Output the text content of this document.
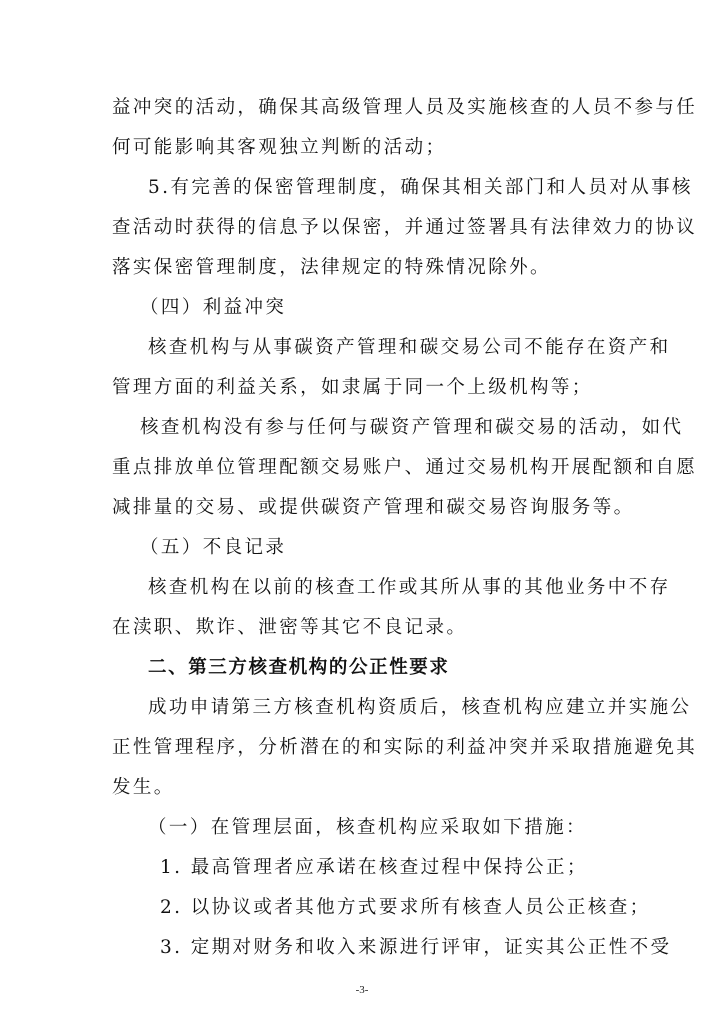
益冲突的活动，确保其高级管理人员及实施核查的人员不参与任
何可能影响其客观独立判断的活动；
5.有完善的保密管理制度，确保其相关部门和人员对从事核
查活动时获得的信息予以保密，并通过签署具有法律效力的协议
落实保密管理制度，法律规定的特殊情况除外。
（四）利益冲突
核查机构与从事碳资产管理和碳交易公司不能存在资产和
管理方面的利益关系，如隶属于同一个上级机构等；
核查机构没有参与任何与碳资产管理和碳交易的活动，如代
重点排放单位管理配额交易账户、通过交易机构开展配额和自愿
减排量的交易、或提供碳资产管理和碳交易咨询服务等。
（五）不良记录
核查机构在以前的核查工作或其所从事的其他业务中不存
在渎职、欺诈、泄密等其它不良记录。
二、第三方核查机构的公正性要求
成功申请第三方核查机构资质后，核查机构应建立并实施公
正性管理程序，分析潜在的和实际的利益冲突并采取措施避免其
发生。
（一）在管理层面，核查机构应采取如下措施：
1. 最高管理者应承诺在核查过程中保持公正；
2. 以协议或者其他方式要求所有核查人员公正核查；
3. 定期对财务和收入来源进行评审，证实其公正性不受
-3-
